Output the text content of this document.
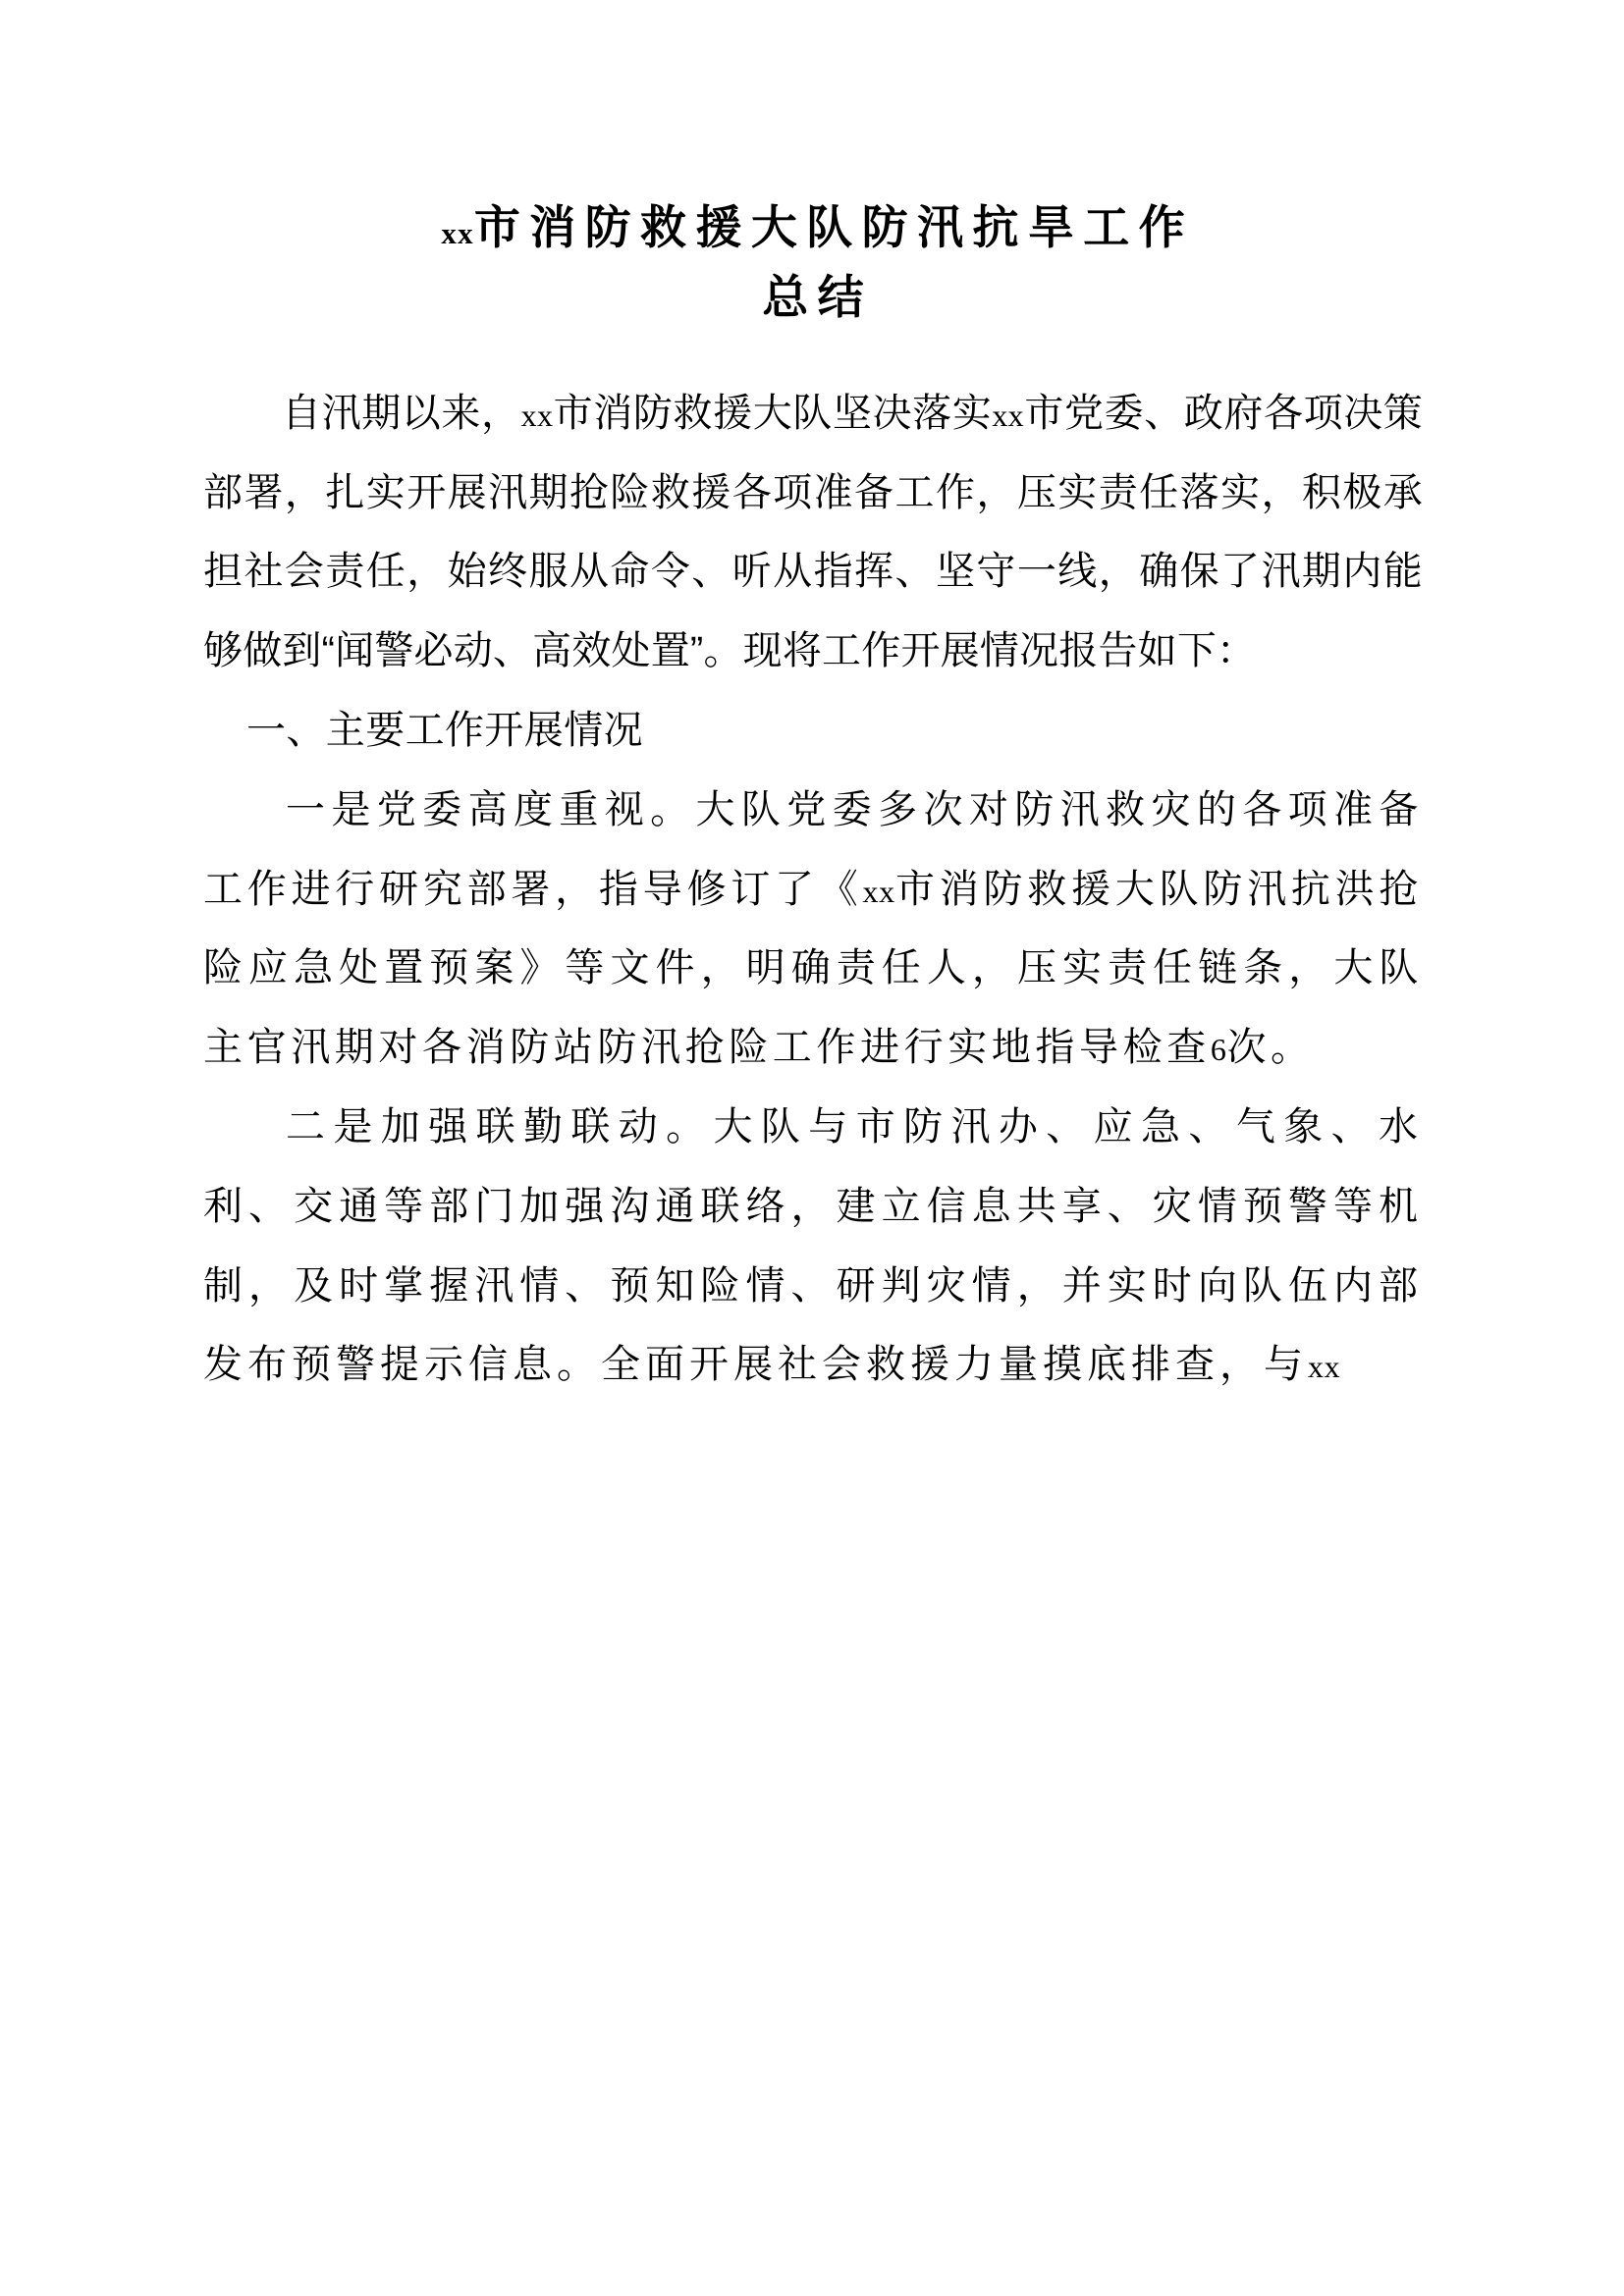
xx市消防救援大队防汛抗旱工作
总结

自汛期以来，xx市消防救援大队坚决落实xx市党委、政府各项决策部署，扎实开展汛期抢险救援各项准备工作，压实责任落实，积极承担社会责任，始终服从命令、听从指挥、坚守一线，确保了汛期内能够做到“闻警必动、高效处置”。现将工作开展情况报告如下：

一、主要工作开展情况

一是党委高度重视。大队党委多次对防汛救灾的各项准备工作进行研究部署，指导修订了《xx市消防救援大队防汛抗洪抢险应急处置预案》等文件，明确责任人，压实责任链条，大队主官汛期对各消防站防汛抢险工作进行实地指导检查6次。

二是加强联勤联动。大队与市防汛办、应急、气象、水利、交通等部门加强沟通联络，建立信息共享、灾情预警等机制，及时掌握汛情、预知险情、研判灾情，并实时向队伍内部发布预警提示信息。全面开展社会救援力量摸底排查，与xx
